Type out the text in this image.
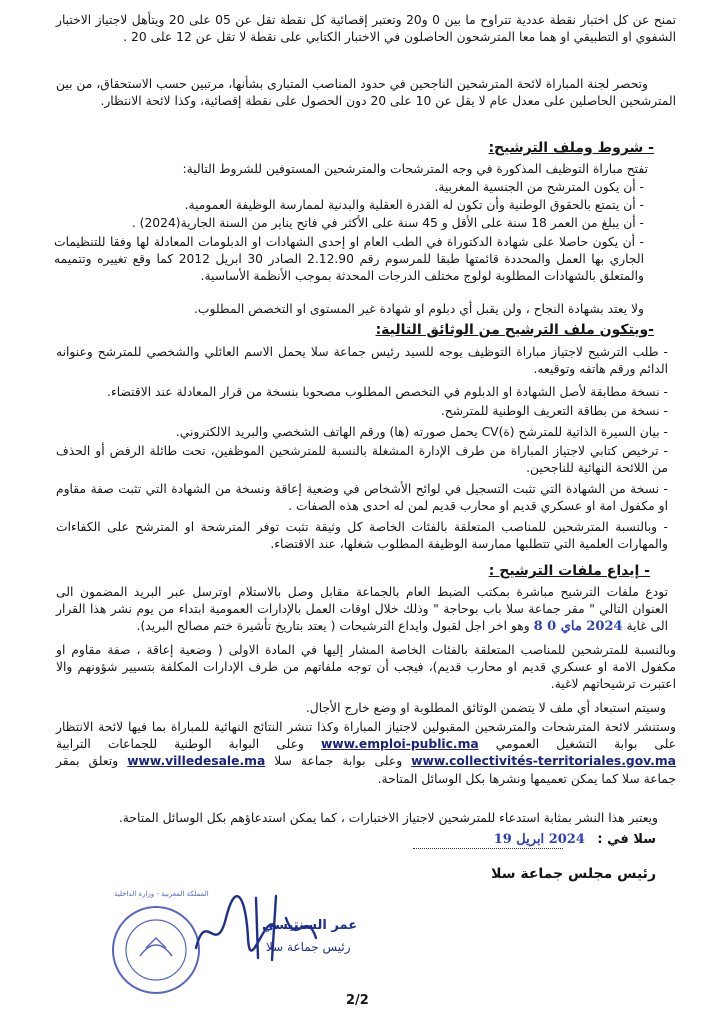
تمنح عن كل اختبار نقطة عددية تتراوح ما بين 0 و20 وتعتبر إقصائية كل نقطة تقل عن 05 على 20 ويتأهل لاجتياز الاختبار الشفوي او التطبيقي او هما معا المترشحون الحاصلون في الاختبار الكتابي على نقطة لا تقل عن 12 على 20 .

وتحصر لجنة المباراة لائحة المترشحين الناجحين في حدود المناصب المتبارى بشأنها، مرتبين حسب الاستحقاق، من بين المترشحين الحاصلين على معدل عام لا يقل عن 10 على 20 دون الحصول على نقطة إقصائية، وكذا لائحة الانتظار.

- شروط وملف الترشيح:

تفتح مباراة التوظيف المذكورة في وجه المترشحات والمترشحين المستوفين للشروط التالية:

- أن يكون المترشح من الجنسية المغربية.

- أن يتمتع بالحقوق الوطنية وأن تكون له القدرة العقلية والبدنية لممارسة الوظيفة العمومية.

- أن يبلغ من العمر 18 سنة على الأقل و 45 سنة على الأكثر في فاتح يناير من السنة الجارية(2024) .

- أن يكون حاصلا على شهادة الدكتوراة في الطب العام او إحدى الشهادات او الدبلومات المعادلة لها وفقا للتنظيمات الجاري بها العمل والمحددة قائمتها طبقا للمرسوم رقم 2.12.90 الصادر 30 ابريل 2012 كما وقع تغييره وتتميمه والمتعلق بالشهادات المطلوبة لولوج مختلف الدرجات المحدثة بموجب الأنظمة الأساسية.

ولا يعتد بشهادة النجاح ، ولن يقبل أي دبلوم او شهادة غير المستوى او التخصص المطلوب.

-ويتكون ملف الترشيح من الوثائق التالية:

- طلب الترشيح لاجتياز مباراة التوظيف يوجه للسيد رئيس جماعة سلا يحمل الاسم العائلي والشخصي للمترشح وعنوانه الدائم ورقم هاتفه وتوقيعه.

- نسخة مطابقة لأصل الشهادة او الدبلوم في التخصص المطلوب مصحوبا بنسخة من قرار المعادلة عند الاقتضاء.

- نسخة من بطاقة التعريف الوطنية للمترشح.

- بيان السيرة الذاتية للمترشح (ة)CV يحمل صورته (ها) ورقم الهاتف الشخصي والبريد الالكتروني.

- ترخيص كتابي لاجتياز المباراة من طرف الإدارة المشغلة بالنسبة للمترشحين الموظفين، تحت طائلة الرفض أو الحذف من اللائحة النهائية للناجحين.

- نسخة من الشهادة التي تثبت التسجيل في لوائح الأشخاص في وضعية إعاقة ونسخة من الشهادة التي تثبت صفة مقاوم او مكفول امة او عسكري قديم او محارب قديم لمن له احدى هذه الصفات .

- وبالنسبة المترشحين للمناصب المتعلقة بالفئات الخاصة كل وثيقة تثبت توفر المترشحة او المترشح على الكفاءات والمهارات العلمية التي تتطلبها ممارسة الوظيفة المطلوب شغلها، عند الاقتضاء.

- إيداع ملفات الترشيح :

تودع ملفات الترشيح مباشرة بمكتب الضبط العام بالجماعة مقابل وصل بالاستلام اوترسل عبر البريد المضمون الى العنوان التالي " مقر جماعة سلا باب بوحاجة " وذلك خلال اوقات العمل بالإدارات العمومية ابتداء من يوم نشر هذا القرار الى غاية 2024 ماي 0 8 وهو اخر اجل لقبول وايداع الترشيحات ( يعتد بتاريخ تأشيرة ختم مصالح البريد).

وبالنسبة للمترشحين للمناصب المتعلقة بالفئات الخاصة المشار إليها في المادة الاولى ( وضعية إعاقة ، صفة مقاوم او مكفول الامة او عسكري قديم او محارب قديم)، فيجب أن توجه ملفاتهم من طرف الإدارات المكلفة بتسيير شؤونهم والا اعتبرت ترشيحاتهم لاغية.

وسيتم استبعاد أي ملف لا يتضمن الوثائق المطلوبة او وضع خارج الأجال.

وستنشر لائحة المترشحات والمترشحين المقبولين لاجتياز المباراة وكذا تنشر النتائج النهائية للمباراة بما فيها لائحة الانتظار على بوابة التشغيل العمومي www.emploi-public.ma وعلى البوابة الوطنية للجماعات الترابية www.collectivités-territoriales.gov.ma وعلى بوابة جماعة سلا www.villedesale.ma وتعلق بمقر جماعة سلا كما يمكن تعميمها ونشرها بكل الوسائل المتاحة.

ويعتبر هذا النشر بمثابة استدعاء للمترشحين لاجتياز الاختبارات ، كما يمكن استدعاؤهم بكل الوسائل المتاحة.

سلا في : 2024 ابريل 19

رئيس مجلس جماعة سلا

المملكة المغربية - وزارة الداخلية
عمر السنتيسي
رئيس جماعة سلا
2/2
